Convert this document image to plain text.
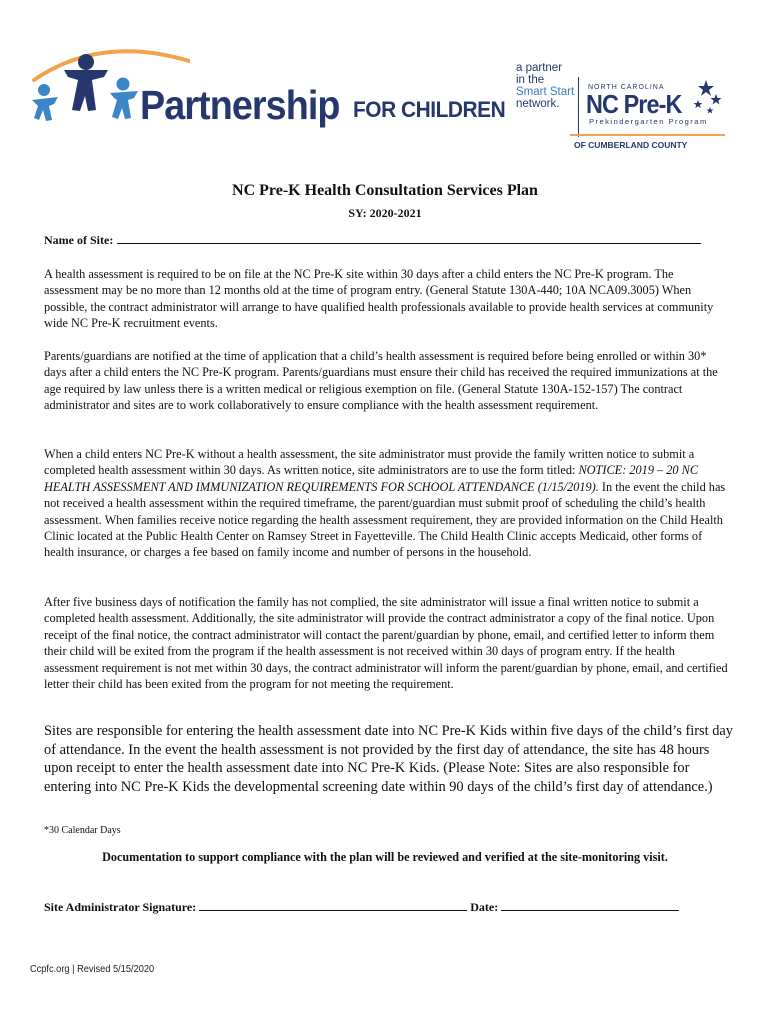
Partnership FOR CHILDREN
a partner
in the
Smart Start
network.
NORTH CAROLINA
NC Pre-K
Prekindergarten Program
OF CUMBERLAND COUNTY
NC Pre-K Health Consultation Services Plan
SY: 2020-2021
Name of Site:

A health assessment is required to be on file at the NC Pre-K site within 30 days after a child enters the NC Pre-K program. The assessment may be no more than 12 months old at the time of program entry. (General Statute 130A-440; 10A NCA09.3005) When possible, the contract administrator will arrange to have qualified health professionals available to provide health services at community wide NC Pre-K recruitment events.

Parents/guardians are notified at the time of application that a child’s health assessment is required before being enrolled or within 30* days after a child enters the NC Pre-K program. Parents/guardians must ensure their child has received the required immunizations at the age required by law unless there is a written medical or religious exemption on file. (General Statute 130A-152-157) The contract administrator and sites are to work collaboratively to ensure compliance with the health assessment requirement.

When a child enters NC Pre-K without a health assessment, the site administrator must provide the family written notice to submit a completed health assessment within 30 days. As written notice, site administrators are to use the form titled: NOTICE: 2019 – 20 NC HEALTH ASSESSMENT AND IMMUNIZATION REQUIREMENTS FOR SCHOOL ATTENDANCE (1/15/2019). In the event the child has not received a health assessment within the required timeframe, the parent/guardian must submit proof of scheduling the child’s health assessment. When families receive notice regarding the health assessment requirement, they are provided information on the Child Health Clinic located at the Public Health Center on Ramsey Street in Fayetteville. The Child Health Clinic accepts Medicaid, other forms of health insurance, or charges a fee based on family income and number of persons in the household.

After five business days of notification the family has not complied, the site administrator will issue a final written notice to submit a completed health assessment. Additionally, the site administrator will provide the contract administrator a copy of the final notice. Upon receipt of the final notice, the contract administrator will contact the parent/guardian by phone, email, and certified letter to inform them their child will be exited from the program if the health assessment is not received within 30 days of program entry. If the health assessment requirement is not met within 30 days, the contract administrator will inform the parent/guardian by phone, email, and certified letter their child has been exited from the program for not meeting the requirement.

Sites are responsible for entering the health assessment date into NC Pre-K Kids within five days of the child’s first day of attendance. In the event the health assessment is not provided by the first day of attendance, the site has 48 hours upon receipt to enter the health assessment date into NC Pre-K Kids. (Please Note: Sites are also responsible for entering into NC Pre-K Kids the developmental screening date within 90 days of the child’s first day of attendance.)

*30 Calendar Days
Documentation to support compliance with the plan will be reviewed and verified at the site-monitoring visit.
Site Administrator Signature:	Date:
Ccpfc.org | Revised 5/15/2020
